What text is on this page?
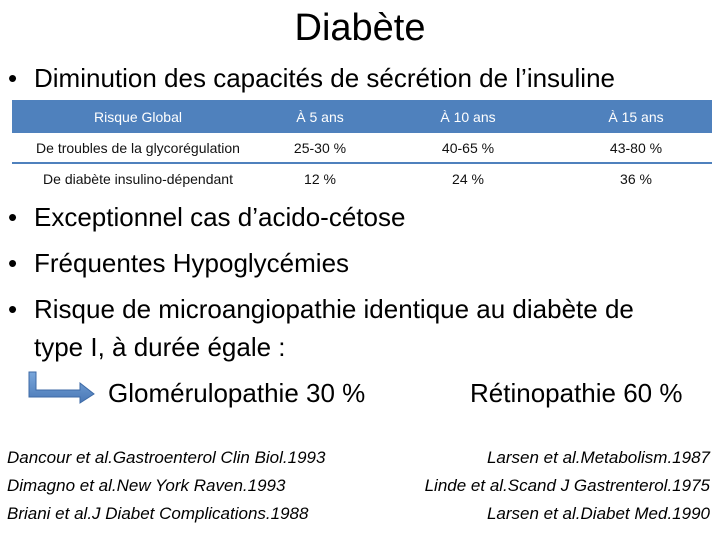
Diabète
• Diminution des capacités de sécrétion de l’insuline
Risque Global	À 5 ans	À 10 ans	À 15 ans
De troubles de la glycorégulation	25-30 %	40-65 %	43-80 %
De diabète insulino-dépendant	12 %	24 %	36 %
• Exceptionnel cas d’acido-cétose
• Fréquentes Hypoglycémies
• Risque de microangiopathie identique au diabète de
type I, à durée égale :
Glomérulopathie 30 %	Rétinopathie 60 %
Dancour et al.Gastroenterol Clin Biol.1993
Dimagno et al.New York Raven.1993
Briani et al.J Diabet Complications.1988
Larsen et al.Metabolism.1987
Linde et al.Scand J Gastrenterol.1975
Larsen et al.Diabet Med.1990
